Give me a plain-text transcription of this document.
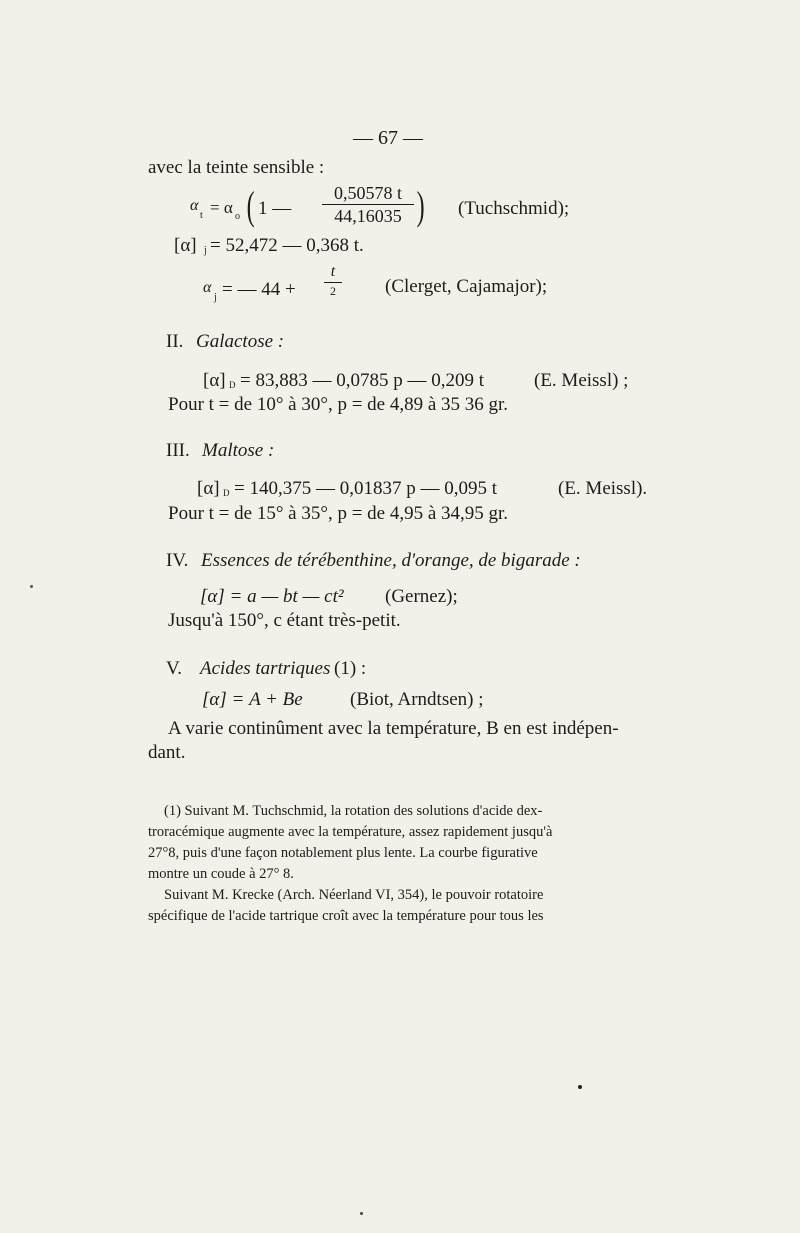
— 67 —
avec la teinte sensible :
α
t = α o ( 1 —
0,50578 t
44,16035 ) (Tuchschmid);
[α] j = 52,472 — 0,368 t.
α
j = — 44 +
t
2	(Clerget, Cajamajor);
II. Galactose :
[α] D = 83,883 — 0,0785 p — 0,209 t	(E. Meissl) ;
Pour t = de 10° à 30°, p = de 4,89 à 35 36 gr.
III. Maltose :
[α] D = 140,375 — 0,01837 p — 0,095 t	(E. Meissl).
Pour t = de 15° à 35°, p = de 4,95 à 34,95 gr.
IV. Essences de térébenthine, d'orange, de bigarade :
[α] = a — bt — ct² (Gernez);
Jusqu'à 150°, c étant très-petit.
V. Acides tartriques (1) :
[α] = A + Be (Biot, Arndtsen) ;
A varie continûment avec la température, B en est indépen-
dant.
(1) Suivant M. Tuchschmid, la rotation des solutions d'acide dex-
troracémique augmente avec la température, assez rapidement jusqu'à
27°8, puis d'une façon notablement plus lente. La courbe figurative
montre un coude à 27° 8.
Suivant M. Krecke (Arch. Néerland VI, 354), le pouvoir rotatoire
spécifique de l'acide tartrique croît avec la température pour tous les
